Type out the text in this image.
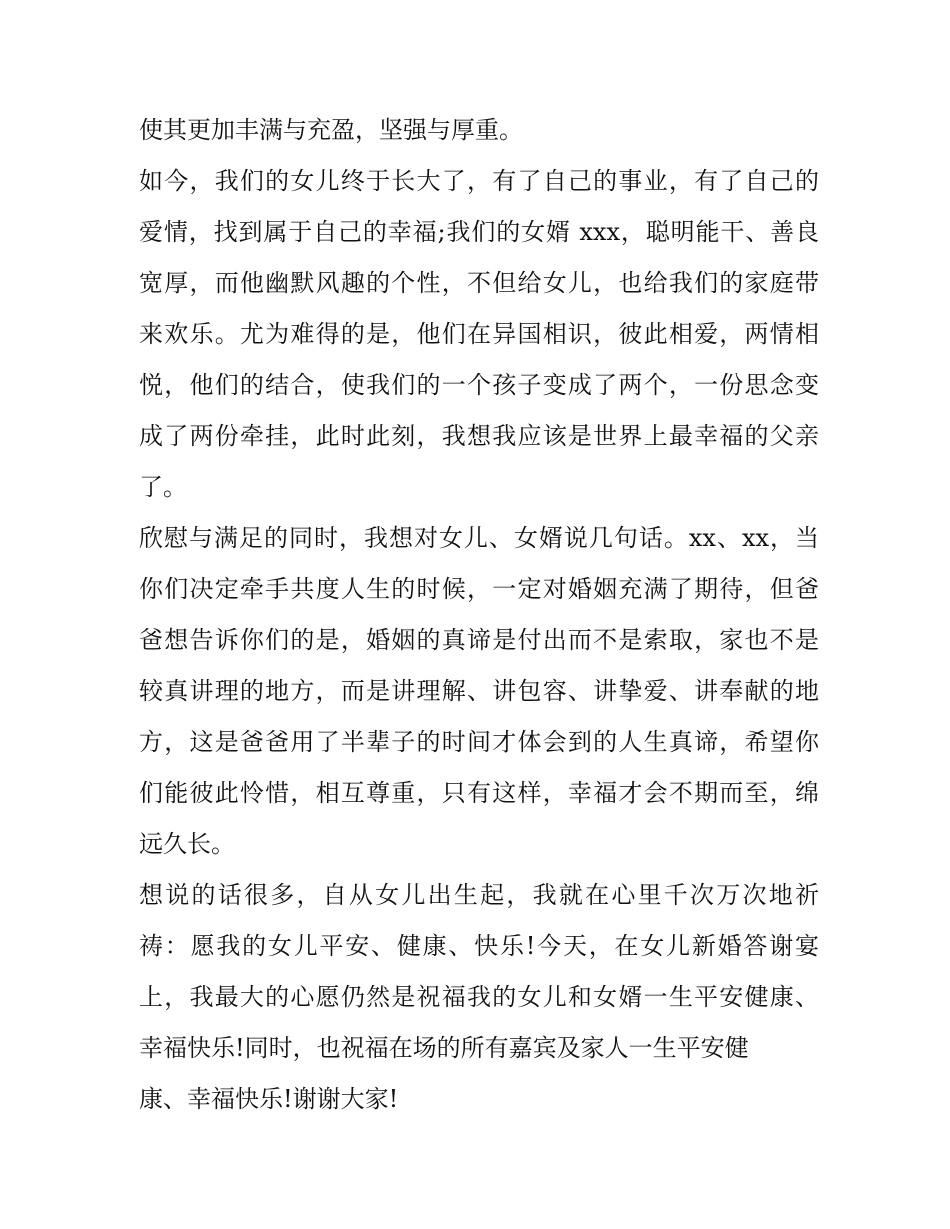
使其更加丰满与充盈，坚强与厚重。
如今，我们的女儿终于长大了，有了自己的事业，有了自己的
爱情，找到属于自己的幸福;我们的女婿 xxx，聪明能干、善良
宽厚，而他幽默风趣的个性，不但给女儿，也给我们的家庭带
来欢乐。尤为难得的是，他们在异国相识，彼此相爱，两情相
悦，他们的结合，使我们的一个孩子变成了两个，一份思念变
成了两份牵挂，此时此刻，我想我应该是世界上最幸福的父亲
了。
欣慰与满足的同时，我想对女儿、女婿说几句话。xx、xx，当
你们决定牵手共度人生的时候，一定对婚姻充满了期待，但爸
爸想告诉你们的是，婚姻的真谛是付出而不是索取，家也不是
较真讲理的地方，而是讲理解、讲包容、讲挚爱、讲奉献的地
方，这是爸爸用了半辈子的时间才体会到的人生真谛，希望你
们能彼此怜惜，相互尊重，只有这样，幸福才会不期而至，绵
远久长。
想说的话很多，自从女儿出生起，我就在心里千次万次地祈
祷：愿我的女儿平安、健康、快乐!今天，在女儿新婚答谢宴
上，我最大的心愿仍然是祝福我的女儿和女婿一生平安健康、
幸福快乐!同时，也祝福在场的所有嘉宾及家人一生平安健
康、幸福快乐!谢谢大家!
